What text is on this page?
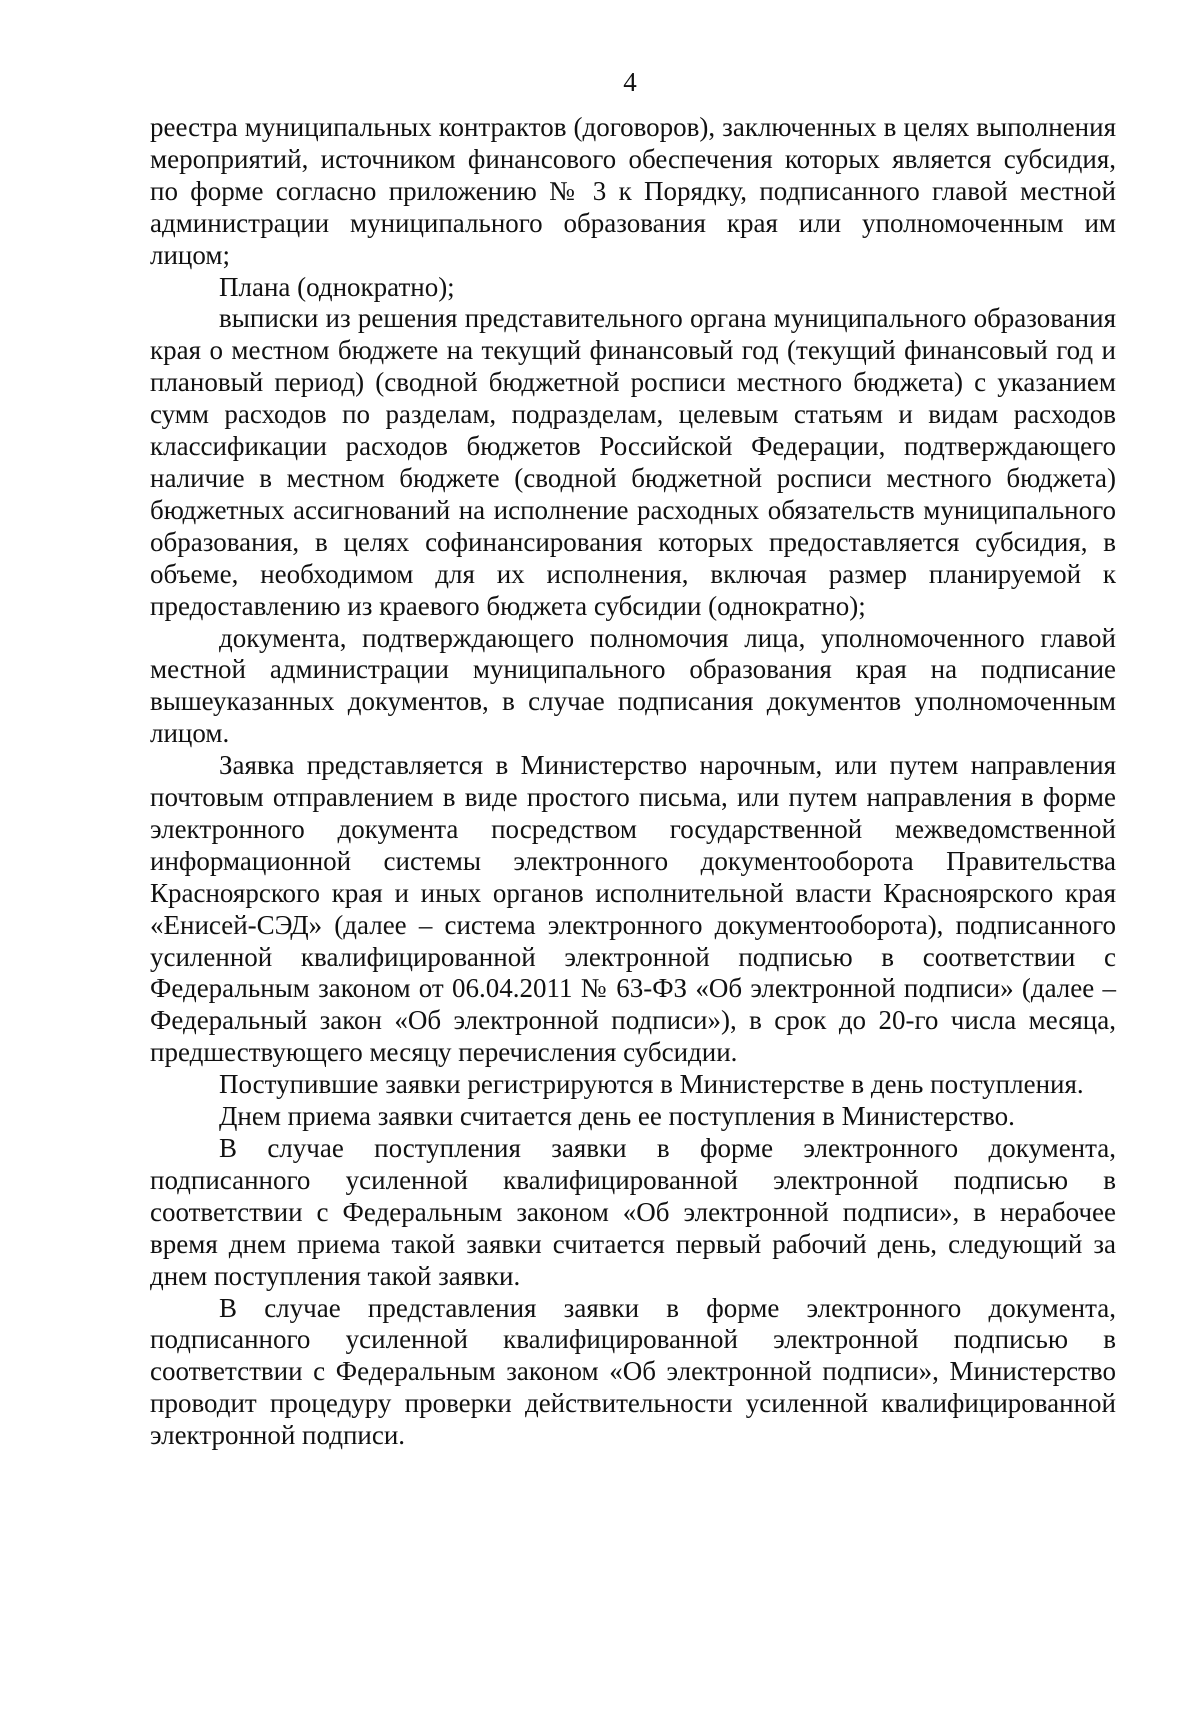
4

реестра муниципальных контрактов (договоров), заключенных в целях выполнения мероприятий, источником финансового обеспечения которых является субсидия, по форме согласно приложению № 3 к Порядку, подписанного главой местной администрации муниципального образования края или уполномоченным им лицом;

Плана (однократно);

выписки из решения представительного органа муниципального образования края о местном бюджете на текущий финансовый год (текущий финансовый год и плановый период) (сводной бюджетной росписи местного бюджета) с указанием сумм расходов по разделам, подразделам, целевым статьям и видам расходов классификации расходов бюджетов Российской Федерации, подтверждающего наличие в местном бюджете (сводной бюджетной росписи местного бюджета) бюджетных ассигнований на исполнение расходных обязательств муниципального образования, в целях софинансирования которых предоставляется субсидия, в объеме, необходимом для их исполнения, включая размер планируемой к предоставлению из краевого бюджета субсидии (однократно);

документа, подтверждающего полномочия лица, уполномоченного главой местной администрации муниципального образования края на подписание вышеуказанных документов, в случае подписания документов уполномоченным лицом.

Заявка представляется в Министерство нарочным, или путем направления почтовым отправлением в виде простого письма, или путем направления в форме электронного документа посредством государственной межведомственной информационной системы электронного документооборота Правительства Красноярского края и иных органов исполнительной власти Красноярского края «Енисей-СЭД» (далее – система электронного документооборота), подписанного усиленной квалифицированной электронной подписью в соответствии с Федеральным законом от 06.04.2011 № 63-ФЗ «Об электронной подписи» (далее – Федеральный закон «Об электронной подписи»), в срок до 20-го числа месяца, предшествующего месяцу перечисления субсидии.

Поступившие заявки регистрируются в Министерстве в день поступления.

Днем приема заявки считается день ее поступления в Министерство.

В случае поступления заявки в форме электронного документа, подписанного усиленной квалифицированной электронной подписью в соответствии с Федеральным законом «Об электронной подписи», в нерабочее время днем приема такой заявки считается первый рабочий день, следующий за днем поступления такой заявки.

В случае представления заявки в форме электронного документа, подписанного усиленной квалифицированной электронной подписью в соответствии с Федеральным законом «Об электронной подписи», Министерство проводит процедуру проверки действительности усиленной квалифицированной электронной подписи.
